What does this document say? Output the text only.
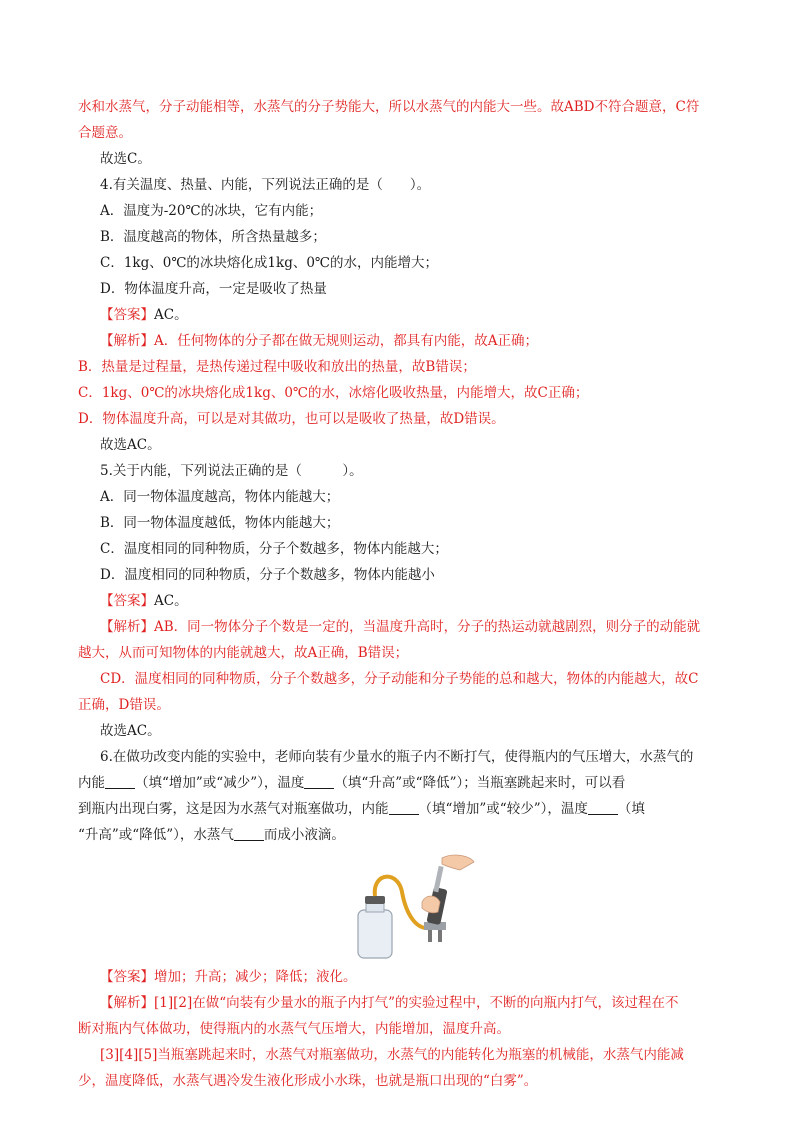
水和水蒸气，分子动能相等，水蒸气的分子势能大，所以水蒸气的内能大一些。故ABD不符合题意，C符
合题意。
故选C。
4.有关温度、热量、内能，下列说法正确的是（　　）。
A．温度为-20℃的冰块，它有内能；
B．温度越高的物体，所含热量越多；
C．1kg、0℃的冰块熔化成1kg、0℃的水，内能增大；
D．物体温度升高，一定是吸收了热量
【答案】AC。
【解析】A．任何物体的分子都在做无规则运动，都具有内能，故A正确；
B．热量是过程量，是热传递过程中吸收和放出的热量，故B错误；
C．1kg、0℃的冰块熔化成1kg、0℃的水，冰熔化吸收热量，内能增大，故C正确；
D．物体温度升高，可以是对其做功，也可以是吸收了热量，故D错误。
故选AC。
5.关于内能，下列说法正确的是（　　　）。
A．同一物体温度越高，物体内能越大；
B．同一物体温度越低，物体内能越大；
C．温度相同的同种物质，分子个数越多，物体内能越大；
D．温度相同的同种物质，分子个数越多，物体内能越小
【答案】AC。
【解析】AB．同一物体分子个数是一定的，当温度升高时，分子的热运动就越剧烈，则分子的动能就
越大，从而可知物体的内能就越大，故A正确，B错误；
CD．温度相同的同种物质，分子个数越多，分子动能和分子势能的总和越大，物体的内能越大，故C
正确，D错误。
故选AC。
6.在做功改变内能的实验中，老师向装有少量水的瓶子内不断打气，使得瓶内的气压增大，水蒸气的
内能 （填“增加”或“减少”），温度 （填“升高”或“降低”）；当瓶塞跳起来时，可以看
到瓶内出现白雾，这是因为水蒸气对瓶塞做功，内能 （填“增加”或“较少”），温度 （填
“升高”或“降低”），水蒸气 而成小液滴。
【答案】增加；升高；减少；降低；液化。
【解析】[1][2]在做“向装有少量水的瓶子内打气”的实验过程中，不断的向瓶内打气，该过程在不
断对瓶内气体做功，使得瓶内的水蒸气气压增大，内能增加，温度升高。
[3][4][5]当瓶塞跳起来时，水蒸气对瓶塞做功，水蒸气的内能转化为瓶塞的机械能，水蒸气内能减
少，温度降低，水蒸气遇冷发生液化形成小水珠，也就是瓶口出现的“白雾”。
